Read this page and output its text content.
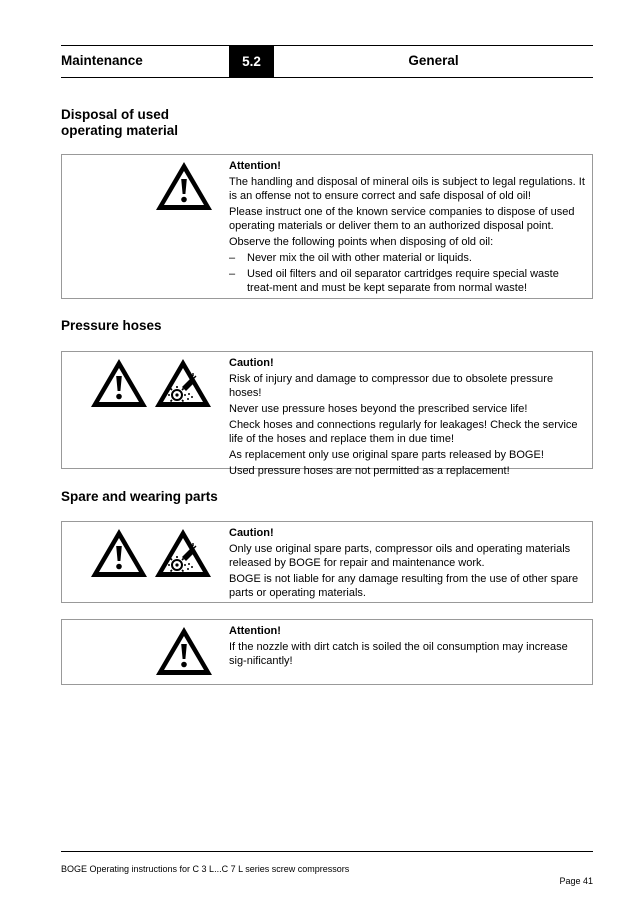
Maintenance	5.2	General
Disposal of used
operating material

Attention!

The handling and disposal of mineral oils is subject to legal regulations. It is an offense not to ensure correct and safe disposal of old oil!

Please instruct one of the known service companies to dispose of used operating materials or deliver them to an authorized disposal point.

Observe the following points when disposing of old oil:

– Never mix the oil with other material or liquids.

– Used oil filters and oil separator cartridges require special waste treat-ment and must be kept separate from normal waste!

Pressure hoses

Caution!

Risk of injury and damage to compressor due to obsolete pressure hoses!

Never use pressure hoses beyond the prescribed service life!

Check hoses and connections regularly for leakages! Check the service life of the hoses and replace them in due time!

As replacement only use original spare parts released by BOGE!

Used pressure hoses are not permitted as a replacement!

Spare and wearing parts

Caution!

Only use original spare parts, compressor oils and operating materials released by BOGE for repair and maintenance work.

BOGE is not liable for any damage resulting from the use of other spare parts or operating materials.

Attention!

If the nozzle with dirt catch is soiled the oil consumption may increase sig-nificantly!

BOGE Operating instructions for C 3 L...C 7 L series screw compressors
Page 41
